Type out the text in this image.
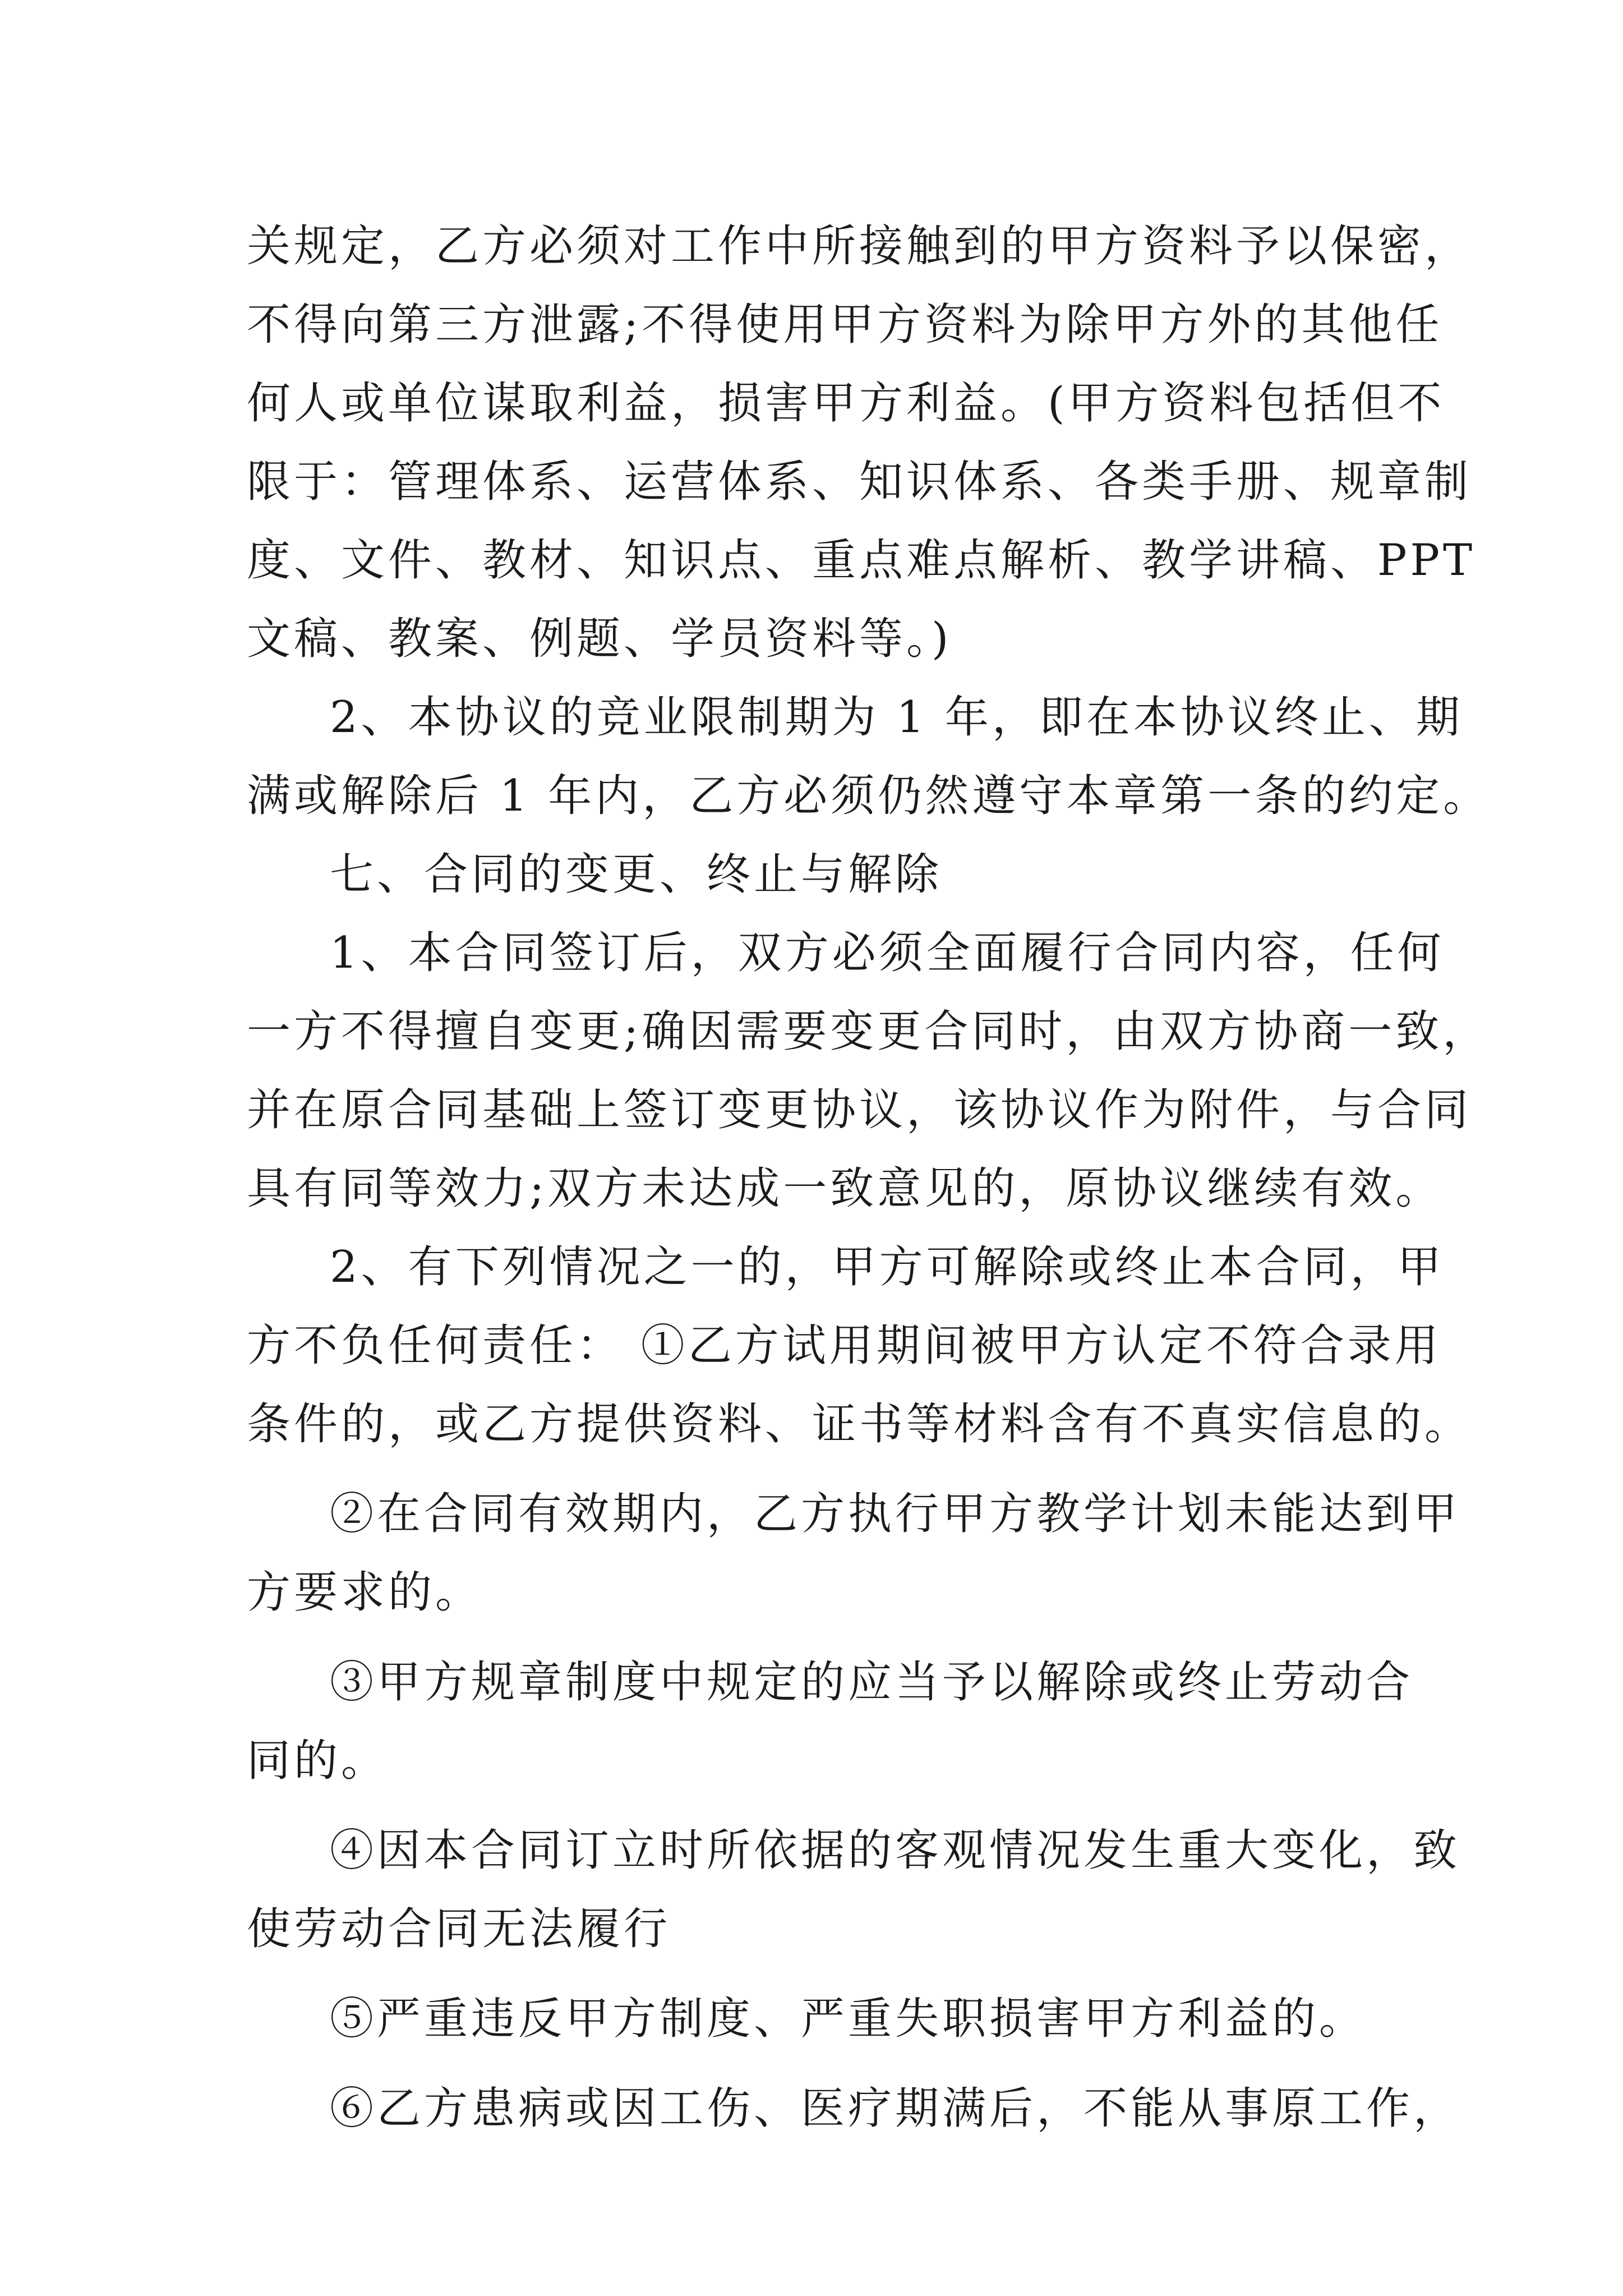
关规定，乙方必须对工作中所接触到的甲方资料予以保密，
不得向第三方泄露;不得使用甲方资料为除甲方外的其他任
何人或单位谋取利益，损害甲方利益。(甲方资料包括但不
限于：管理体系、运营体系、知识体系、各类手册、规章制
度、文件、教材、知识点、重点难点解析、教学讲稿、PPT
文稿、教案、例题、学员资料等。)
2、本协议的竞业限制期为 1 年，即在本协议终止、期
满或解除后 1 年内，乙方必须仍然遵守本章第一条的约定。
七、合同的变更、终止与解除
1、本合同签订后，双方必须全面履行合同内容，任何
一方不得擅自变更;确因需要变更合同时，由双方协商一致，
并在原合同基础上签订变更协议，该协议作为附件，与合同
具有同等效力;双方未达成一致意见的，原协议继续有效。
2、有下列情况之一的，甲方可解除或终止本合同，甲
方不负任何责任： ①乙方试用期间被甲方认定不符合录用
条件的，或乙方提供资料、证书等材料含有不真实信息的。
②在合同有效期内，乙方执行甲方教学计划未能达到甲
方要求的。
③甲方规章制度中规定的应当予以解除或终止劳动合
同的。
④因本合同订立时所依据的客观情况发生重大变化，致
使劳动合同无法履行
⑤严重违反甲方制度、严重失职损害甲方利益的。
⑥乙方患病或因工伤、医疗期满后，不能从事原工作，
